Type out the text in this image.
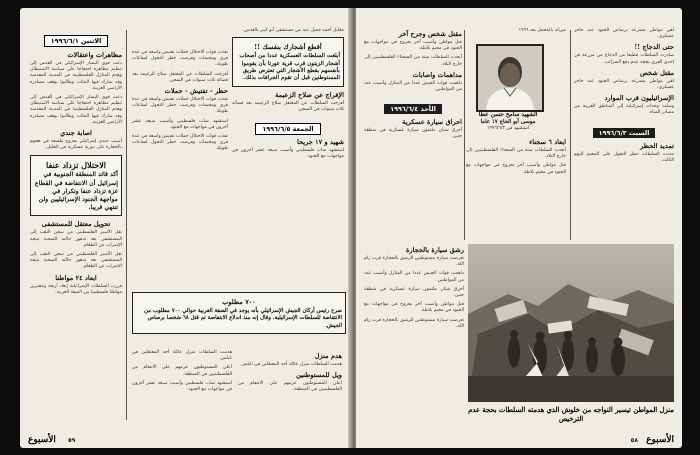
الاثنين ١٩٩٦/٦/١
مظاهرات واعتقالات

دعت قوى اليسار الإسرائيلي في القدس إلى تنظيم مظاهرة احتجاجا على سياسة الاستيطان وهدم المنازل الفلسطينية في المدينة المقدسة وقد شارك فيها المئات وطالبوا بوقف مصادرة الأراضي العربية.

دعت قوى اليسار الإسرائيلي في القدس إلى تنظيم مظاهرة احتجاجا على سياسة الاستيطان وهدم المنازل الفلسطينية في المدينة المقدسة وقد شارك فيها المئات وطالبوا بوقف مصادرة الأراضي العربية.

اصابة جندي

أصيب جندي إسرائيلي بجروح طفيفة في هجوم بالحجارة على دورية عسكرية في الخليل.

الاحتلال تزداد عنفا
أكد قائد المنطقة الجنوبية في إسرائيل أن الانتفاضة في القطاع غزة تزداد عنفا وتكرار في مواجهة الجنود الإسرائيليين ولن تنتهي قريبا.
تحويل معتقل للمستشفى

نقل الأسير الفلسطيني من سجن النقب إلى المستشفى بعد تدهور حالته الصحية نتيجة الإضراب عن الطعام.

نقل الأسير الفلسطيني من سجن النقب إلى المستشفى بعد تدهور حالته الصحية نتيجة الإضراب عن الطعام.

ابعاد ٢٤ مواطنا

قررت السلطات الإسرائيلية إبعاد أربعة وعشرين مواطنا فلسطينيا من الضفة الغربية.

نفذت قوات الاحتلال حملات تفتيش واسعة في عدة قرى ومخيمات وفرضت حظر التجول لساعات طويلة.

أفرجت السلطات عن المعتقل صلاح الزعيمة بعد قضائه ثلاث سنوات في السجن.

حظر - تفتيش - حملات

نفذت قوات الاحتلال حملات تفتيش واسعة في عدة قرى ومخيمات وفرضت حظر التجول لساعات طويلة.

استشهد شاب فلسطيني وأصيب سبعة عشر آخرون في مواجهات مع الجنود.

نفذت قوات الاحتلال حملات تفتيش واسعة في عدة قرى ومخيمات وفرضت حظر التجول لساعات طويلة.

مقابل أحمد جميل عبد من مستشفى أبو كبير بالقدس.

أقطع أشجارك بنفسك !!
أبلغت السلطات العسكرية عددا من أصحاب أشجار الزيتون قرب قرية عورتا بأن يقوموا بأنفسهم بقطع الأشجار التي تعترض طريق المستوطنين قبل أن تقوم الجرافات بذلك.
الإفراج عن صلاح الزعيمة

أفرجت السلطات عن المعتقل صلاح الزعيمة بعد قضائه ثلاث سنوات في السجن.

الجمعة ١٩٩٦/٦/٥
شهيد و ١٧ جريحا

استشهد شاب فلسطيني وأصيب سبعة عشر آخرون في مواجهات مع الجنود.

٧٠٠ مطلوب
صرح رئيس أركان الجيش الإسرائيلي بأنه يوجد في الضفة الغربية حوالي ٧٠٠ مطلوب من الانتفاضة للسلطات الإسرائيلية. وقال إنه منذ اندلاع الانتفاضة تم قتل ٦٨ شخصا برصاص الجيش.

هدمت السلطات منزل عائلة أحد المعتقلين في نابلس.

أعلن المستوطنون عزمهم على الانتقام من الفلسطينيين في المنطقة.

استشهد شاب فلسطيني وأصيب سبعة عشر آخرون في مواجهات مع الجنود.

هدم منزل

هدمت السلطات منزل عائلة أحد المعتقلين في نابلس.

ويل للمستوطنين

أعلن المستوطنون عزمهم على الانتقام من الفلسطينيين في المنطقة.

الأسبوع ٥٩
الشهيد سامح حسن عطا
موسى أبو الحاج ١٧ عاما
استشهد في ١٩٩٦/٦/٣

ميراثه بالمحمل بعد ١٩٩٦

ابعاد ٦ سجناء

أبعدت السلطات ستة من السجناء الفلسطينيين إلى خارج البلاد.

قتل مواطن وأصيب آخر بجروح في مواجهات مع الجنود في مخيم بلاطة.

مقتل شخص وجرح آخر

قتل مواطن وأصيب آخر بجروح في مواجهات مع الجنود في مخيم بلاطة.

أبعدت السلطات ستة من السجناء الفلسطينيين إلى خارج البلاد.

مداهمات واصابات

داهمت قوات الجيش عددا من المنازل وأصيب عدد من المواطنين.

الأحد ١٩٩٦/٦/٤
احراق سيارة عسكرية

أحرق شبان ملثمون سيارة عسكرية في منطقة جنين.

لقي مواطن مصرعه برصاص الجنود عند حاجز عسكري.

حتى الدجاج !!

صادرت السلطات قطيعا من الدجاج من مزرعة في إحدى القرى بحجة عدم دفع الضرائب.

مقتل شخص

لقي مواطن مصرعه برصاص الجنود عند حاجز عسكري.

الإسرائيليون قرب الموارد

وصلت وحدات إسرائيلية إلى المناطق القريبة من مصادر المياه.

السبت ١٩٩٦/٦/٣
تمديد الحظر

مددت السلطات حظر التجول على المخيم لليوم الثالث.

منزل المواطن تيسير النواجه من خلوش الذي هدمته السلطات بحجة عدم الترخيص
رشق سيارة بالحجارة

تعرضت سيارة مستوطنين للرشق بالحجارة قرب رام الله.

داهمت قوات الجيش عددا من المنازل وأصيب عدد من المواطنين.

أحرق شبان ملثمون سيارة عسكرية في منطقة جنين.

قتل مواطن وأصيب آخر بجروح في مواجهات مع الجنود في مخيم بلاطة.

تعرضت سيارة مستوطنين للرشق بالحجارة قرب رام الله.

٥٨ الأسبوع
